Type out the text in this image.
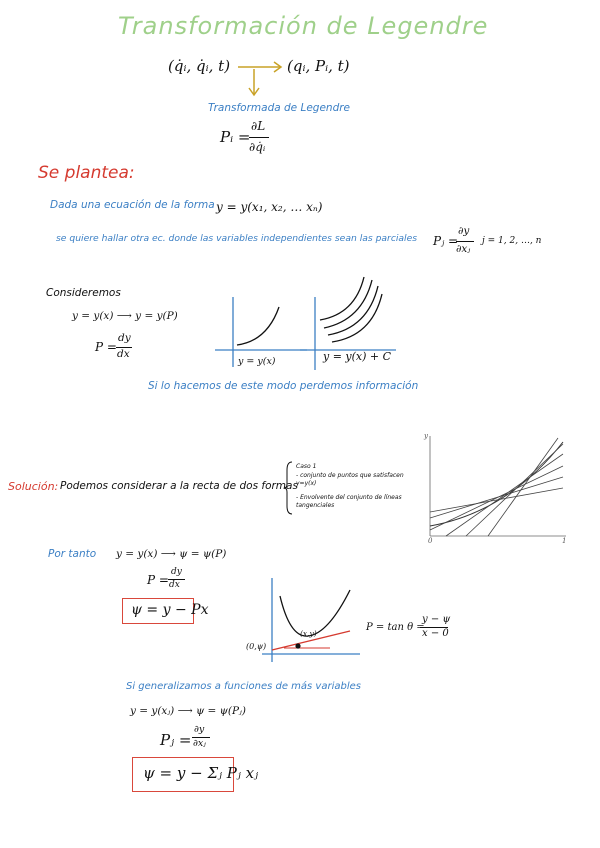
Transformación de Legendre
(q̇ᵢ, q̇ᵢ, t)	(qᵢ, Pᵢ, t)
Transformada de Legendre
Pᵢ =
∂L
∂q̇ᵢ
Se plantea:
Dada una ecuación de la forma y = y(x₁, x₂, … xₙ)
se quiere hallar otra ec. donde las variables independientes sean las parciales Pⱼ =
∂y
∂xⱼ
j = 1, 2, …, n
Consideremos
y = y(x) ⟶ y = y(P)
P =
dy
dx
y = y(x)	y = y(x) + C
Si lo hacemos de este modo perdemos información
y
0	1
Solución: Podemos considerar a la recta de dos formas
Caso 1
- conjunto de puntos que satisfacen y=y(x)
- Envolvente del conjunto de líneas tangenciales
Por tanto y = y(x) ⟶ ψ = ψ(P)
P =
dy
dx
ψ = y − Px
(0,ψ)
(x,y)
P = tan θ =
y − ψ
x − 0
Si generalizamos a funciones de más variables
y = y(xⱼ) ⟶ ψ = ψ(Pⱼ)
Pⱼ =
∂y
∂xⱼ
ψ = y − Σⱼ Pⱼ xⱼ
